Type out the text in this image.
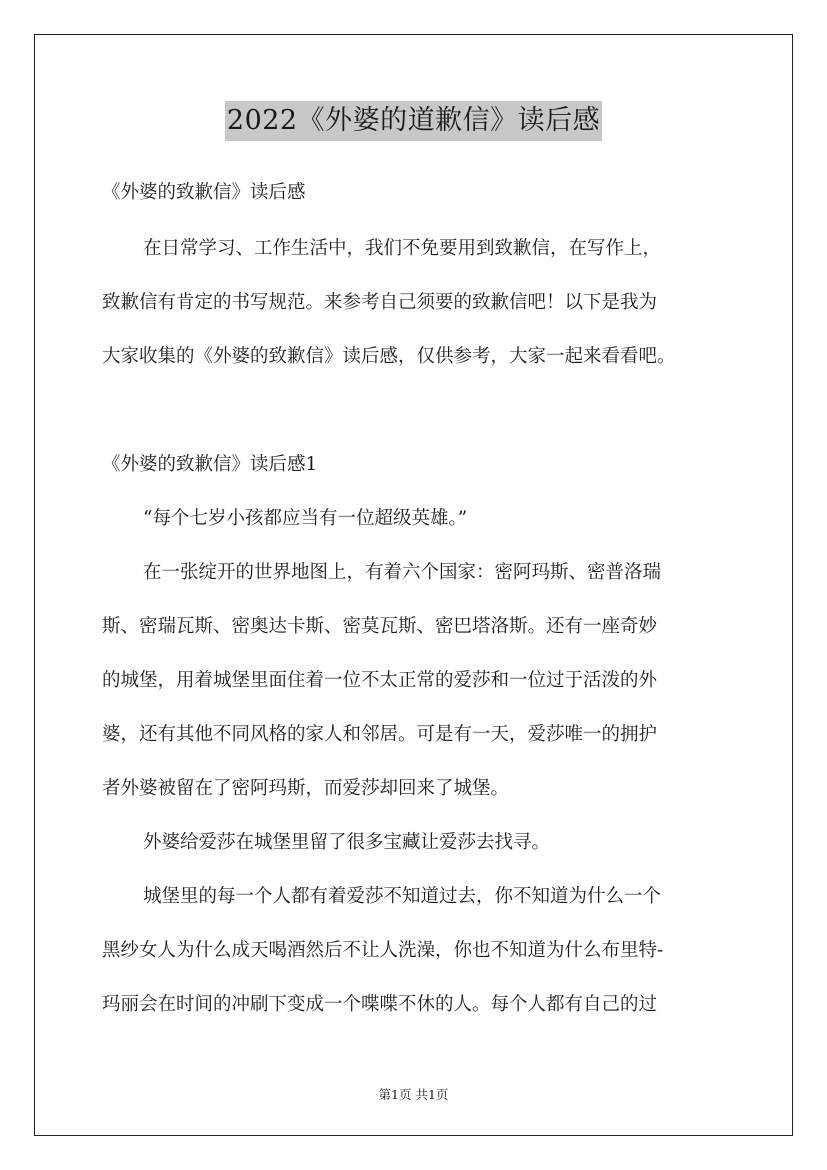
2022《外婆的道歉信》读后感
《外婆的致歉信》读后感
在日常学习、工作生活中，我们不免要用到致歉信，在写作上，
致歉信有肯定的书写规范。来参考自己须要的致歉信吧！以下是我为
大家收集的《外婆的致歉信》读后感，仅供参考，大家一起来看看吧。
《外婆的致歉信》读后感1
“每个七岁小孩都应当有一位超级英雄。”
在一张绽开的世界地图上，有着六个国家：密阿玛斯、密普洛瑞
斯、密瑞瓦斯、密奥达卡斯、密莫瓦斯、密巴塔洛斯。还有一座奇妙
的城堡，用着城堡里面住着一位不太正常的爱莎和一位过于活泼的外
婆，还有其他不同风格的家人和邻居。可是有一天，爱莎唯一的拥护
者外婆被留在了密阿玛斯，而爱莎却回来了城堡。
外婆给爱莎在城堡里留了很多宝藏让爱莎去找寻。
城堡里的每一个人都有着爱莎不知道过去，你不知道为什么一个
黑纱女人为什么成天喝酒然后不让人洗澡，你也不知道为什么布里特-
玛丽会在时间的冲刷下变成一个喋喋不休的人。每个人都有自己的过
第1页 共1页
